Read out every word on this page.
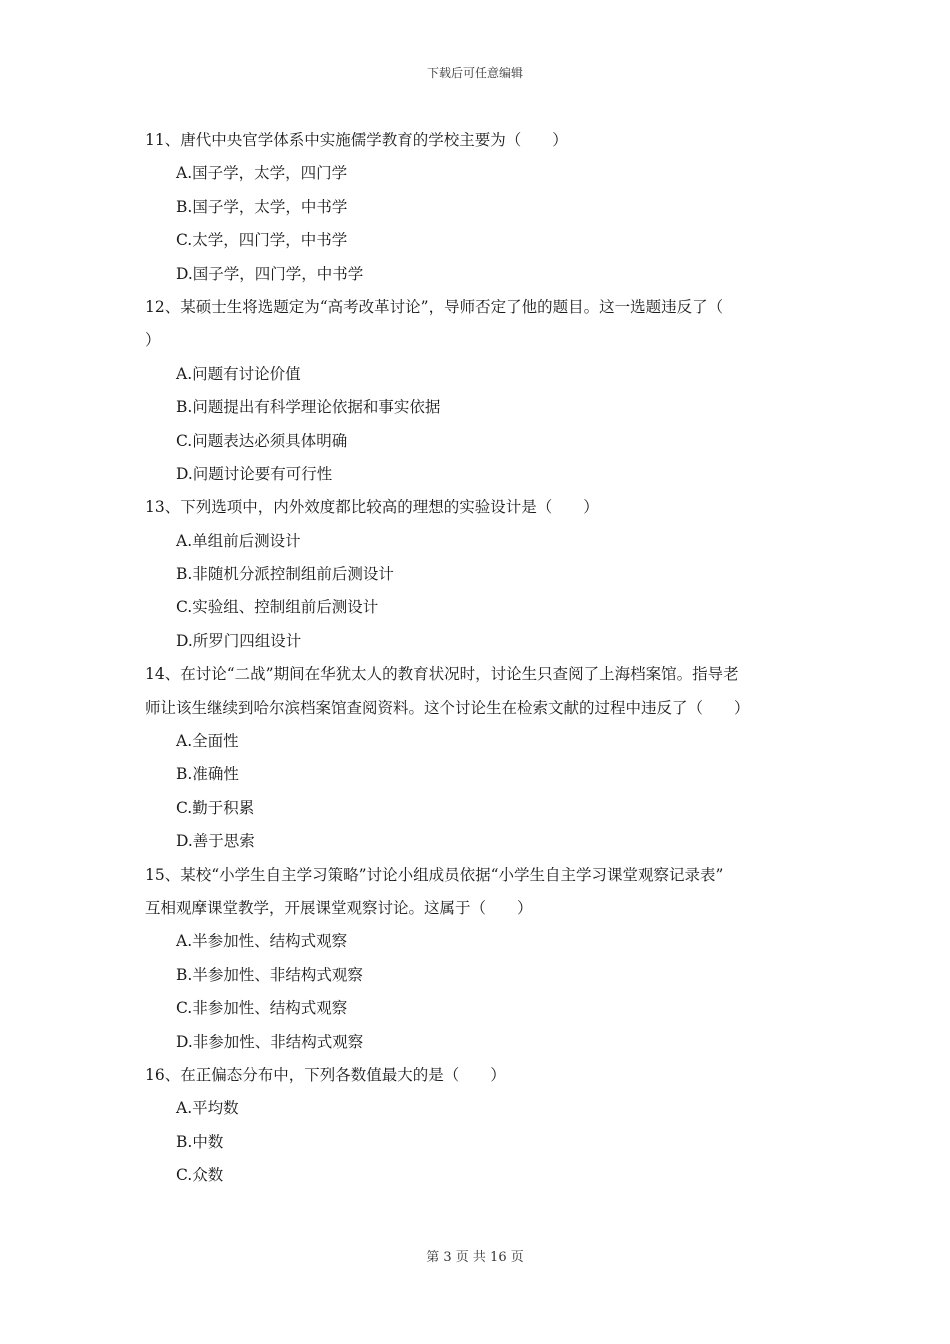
下载后可任意编辑
11、唐代中央官学体系中实施儒学教育的学校主要为（　　）
A.国子学，太学，四门学
B.国子学，太学，中书学
C.太学，四门学，中书学
D.国子学，四门学，中书学
12、某硕士生将选题定为“高考改革讨论”，导师否定了他的题目。这一选题违反了（
）
A.问题有讨论价值
B.问题提出有科学理论依据和事实依据
C.问题表达必须具体明确
D.问题讨论要有可行性
13、下列选项中，内外效度都比较高的理想的实验设计是（　　）
A.单组前后测设计
B.非随机分派控制组前后测设计
C.实验组、控制组前后测设计
D.所罗门四组设计
14、在讨论“二战”期间在华犹太人的教育状况时，讨论生只查阅了上海档案馆。指导老
师让该生继续到哈尔滨档案馆查阅资料。这个讨论生在检索文献的过程中违反了（　　）
A.全面性
B.准确性
C.勤于积累
D.善于思索
15、某校“小学生自主学习策略”讨论小组成员依据“小学生自主学习课堂观察记录表”
互相观摩课堂教学，开展课堂观察讨论。这属于（　　）
A.半参加性、结构式观察
B.半参加性、非结构式观察
C.非参加性、结构式观察
D.非参加性、非结构式观察
16、在正偏态分布中，下列各数值最大的是（　　）
A.平均数
B.中数
C.众数
第 3 页 共 16 页
